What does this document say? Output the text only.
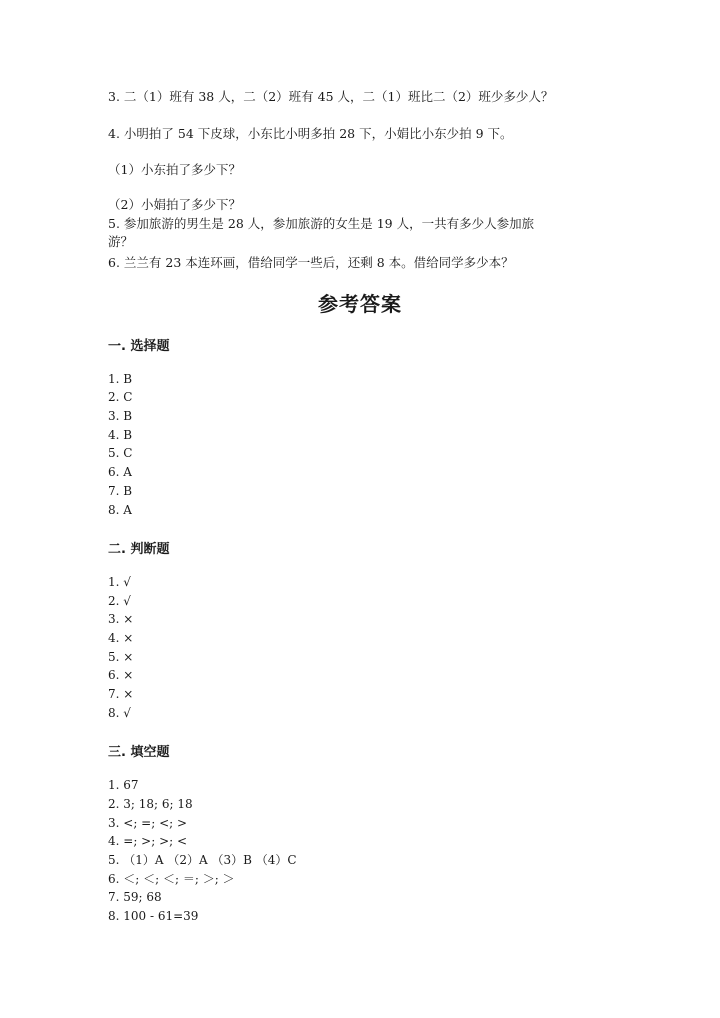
3. 二（1）班有 38 人，二（2）班有 45 人，二（1）班比二（2）班少多少人？
4. 小明拍了 54 下皮球，小东比小明多拍 28 下，小娟比小东少拍 9 下。
（1）小东拍了多少下？
（2）小娟拍了多少下？
5. 参加旅游的男生是 28 人，参加旅游的女生是 19 人，一共有多少人参加旅
游？
6. 兰兰有 23 本连环画，借给同学一些后，还剩 8 本。借给同学多少本？
参考答案
一. 选择题
1. B
2. C
3. B
4. B
5. C
6. A
7. B
8. A
二. 判断题
1. √
2. √
3. ×
4. ×
5. ×
6. ×
7. ×
8. √
三. 填空题
1. 67
2. 3; 18; 6; 18
3. <; =; <; >
4. =; >; >; <
5. （1）A （2）A （3）B （4）C
6. ＜; ＜; ＜; ＝; ＞; ＞
7. 59; 68
8. 100 - 61=39
